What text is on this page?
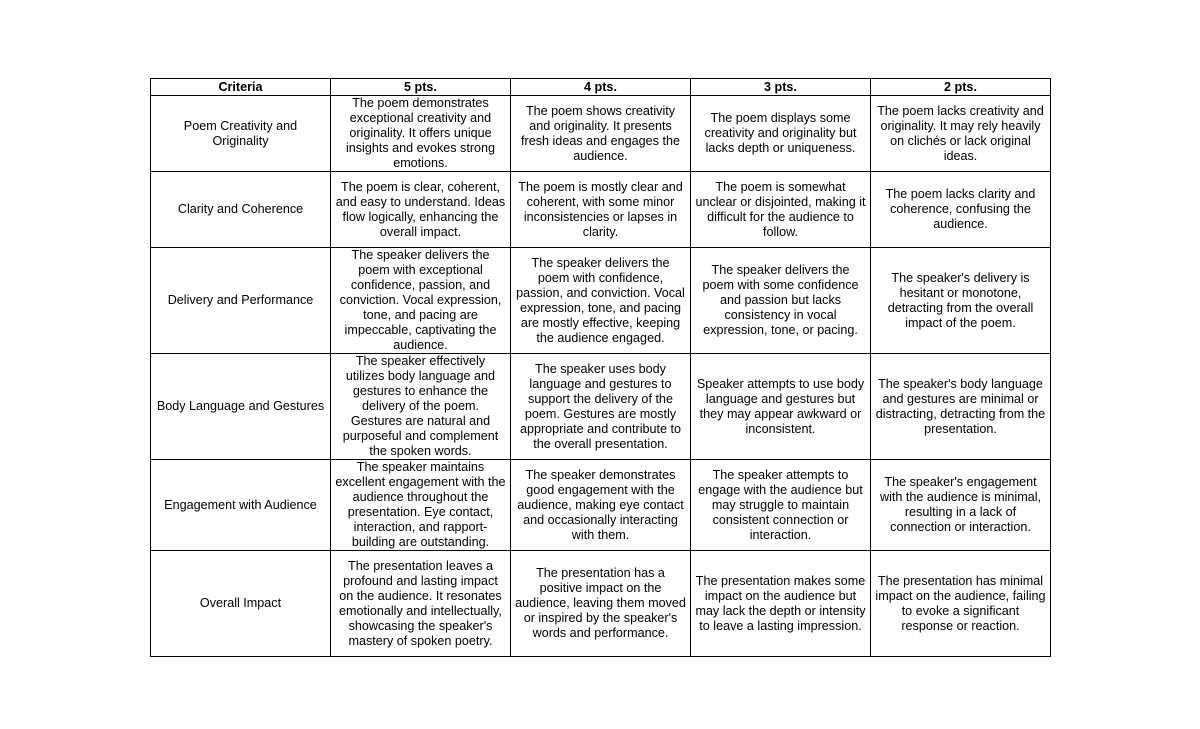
Criteria	5 pts.	4 pts.	3 pts.	2 pts.
Poem Creativity and Originality	The poem demonstrates exceptional creativity and originality. It offers unique insights and evokes strong emotions.	The poem shows creativity and originality. It presents fresh ideas and engages the audience.	The poem displays some creativity and originality but lacks depth or uniqueness.	The poem lacks creativity and originality. It may rely heavily on clichés or lack original ideas.
Clarity and Coherence	The poem is clear, coherent, and easy to understand. Ideas flow logically, enhancing the overall impact.	The poem is mostly clear and coherent, with some minor inconsistencies or lapses in clarity.	The poem is somewhat unclear or disjointed, making it difficult for the audience to follow.	The poem lacks clarity and coherence, confusing the audience.
Delivery and Performance	The speaker delivers the poem with exceptional confidence, passion, and conviction. Vocal expression, tone, and pacing are impeccable, captivating the audience.	The speaker delivers the poem with confidence, passion, and conviction. Vocal expression, tone, and pacing are mostly effective, keeping the audience engaged.	The speaker delivers the poem with some confidence and passion but lacks consistency in vocal expression, tone, or pacing.	The speaker's delivery is hesitant or monotone, detracting from the overall impact of the poem.
Body Language and Gestures	The speaker effectively utilizes body language and gestures to enhance the delivery of the poem. Gestures are natural and purposeful and complement the spoken words.	The speaker uses body language and gestures to support the delivery of the poem. Gestures are mostly appropriate and contribute to the overall presentation.	Speaker attempts to use body language and gestures but they may appear awkward or inconsistent.	The speaker's body language and gestures are minimal or distracting, detracting from the presentation.
Engagement with Audience	The speaker maintains excellent engagement with the audience throughout the presentation. Eye contact, interaction, and rapport-building are outstanding.	The speaker demonstrates good engagement with the audience, making eye contact and occasionally interacting with them.	The speaker attempts to engage with the audience but may struggle to maintain consistent connection or interaction.	The speaker's engagement with the audience is minimal, resulting in a lack of connection or interaction.
Overall Impact	The presentation leaves a profound and lasting impact on the audience. It resonates emotionally and intellectually, showcasing the speaker's mastery of spoken poetry.	The presentation has a positive impact on the audience, leaving them moved or inspired by the speaker's words and performance.	The presentation makes some impact on the audience but may lack the depth or intensity to leave a lasting impression.	The presentation has minimal impact on the audience, failing to evoke a significant response or reaction.
